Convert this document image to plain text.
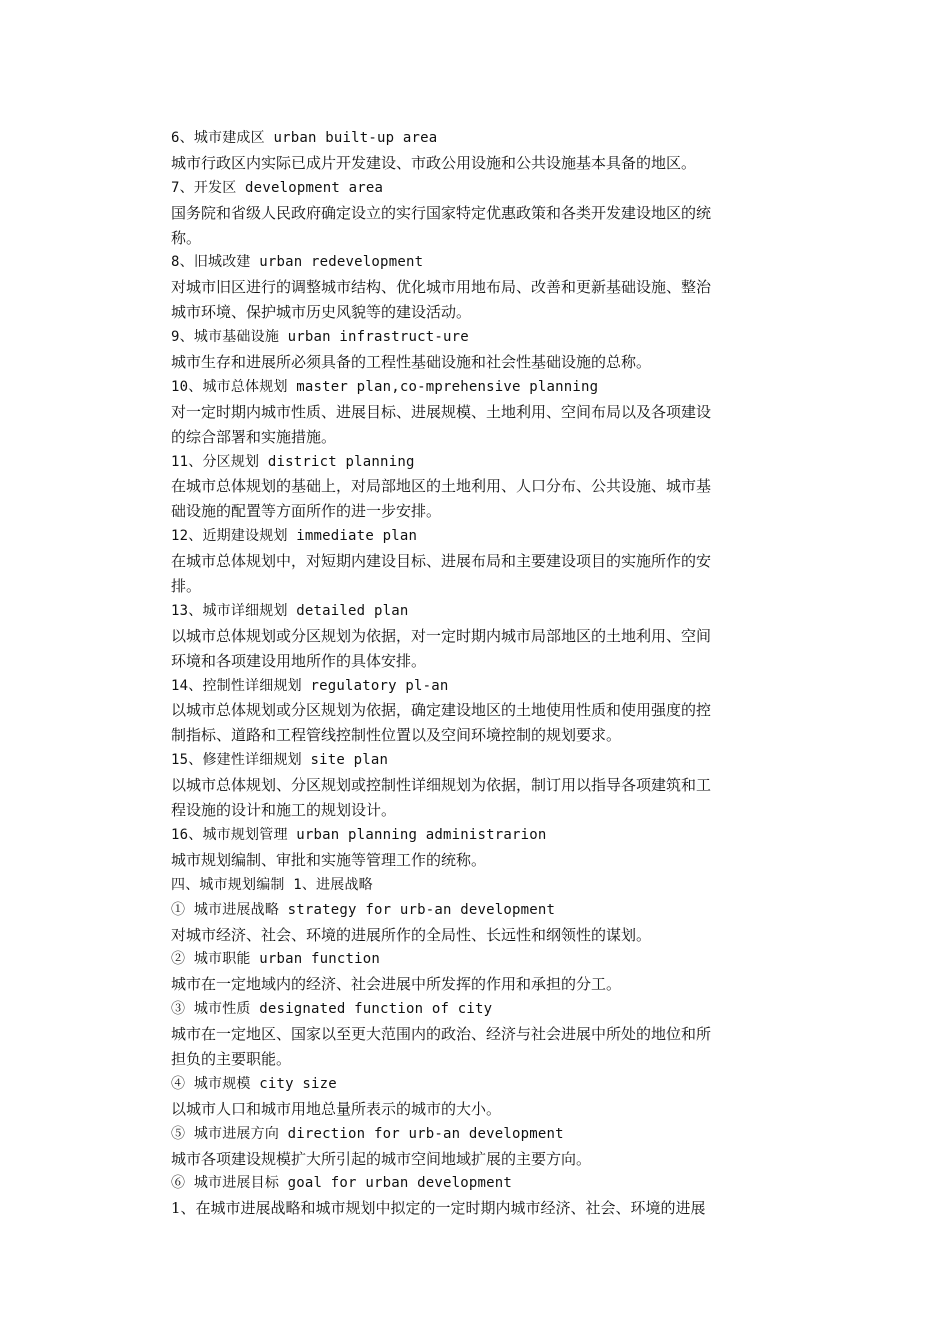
6、城市建成区 urban built-up area
城市行政区内实际已成片开发建设、市政公用设施和公共设施基本具备的地区。
7、开发区 development area
国务院和省级人民政府确定设立的实行国家特定优惠政策和各类开发建设地区的统
称。
8、旧城改建 urban redevelopment
对城市旧区进行的调整城市结构、优化城市用地布局、改善和更新基础设施、整治
城市环境、保护城市历史风貌等的建设活动。
9、城市基础设施 urban infrastruct-ure
城市生存和进展所必须具备的工程性基础设施和社会性基础设施的总称。
10、城市总体规划 master plan,co-mprehensive planning
对一定时期内城市性质、进展目标、进展规模、土地利用、空间布局以及各项建设
的综合部署和实施措施。
11、分区规划 district planning
在城市总体规划的基础上，对局部地区的土地利用、人口分布、公共设施、城市基
础设施的配置等方面所作的进一步安排。
12、近期建设规划 immediate plan
在城市总体规划中，对短期内建设目标、进展布局和主要建设项目的实施所作的安
排。
13、城市详细规划 detailed plan
以城市总体规划或分区规划为依据，对一定时期内城市局部地区的土地利用、空间
环境和各项建设用地所作的具体安排。
14、控制性详细规划 regulatory pl-an
以城市总体规划或分区规划为依据，确定建设地区的土地使用性质和使用强度的控
制指标、道路和工程管线控制性位置以及空间环境控制的规划要求。
15、修建性详细规划 site plan
以城市总体规划、分区规划或控制性详细规划为依据，制订用以指导各项建筑和工
程设施的设计和施工的规划设计。
16、城市规划管理 urban planning administrarion
城市规划编制、审批和实施等管理工作的统称。
四、城市规划编制 1、进展战略
① 城市进展战略 strategy for urb-an development
对城市经济、社会、环境的进展所作的全局性、长远性和纲领性的谋划。
② 城市职能 urban function
城市在一定地域内的经济、社会进展中所发挥的作用和承担的分工。
③ 城市性质 designated function of city
城市在一定地区、国家以至更大范围内的政治、经济与社会进展中所处的地位和所
担负的主要职能。
④ 城市规模 city size
以城市人口和城市用地总量所表示的城市的大小。
⑤ 城市进展方向 direction for urb-an development
城市各项建设规模扩大所引起的城市空间地域扩展的主要方向。
⑥ 城市进展目标 goal for urban development
1、在城市进展战略和城市规划中拟定的一定时期内城市经济、社会、环境的进展
